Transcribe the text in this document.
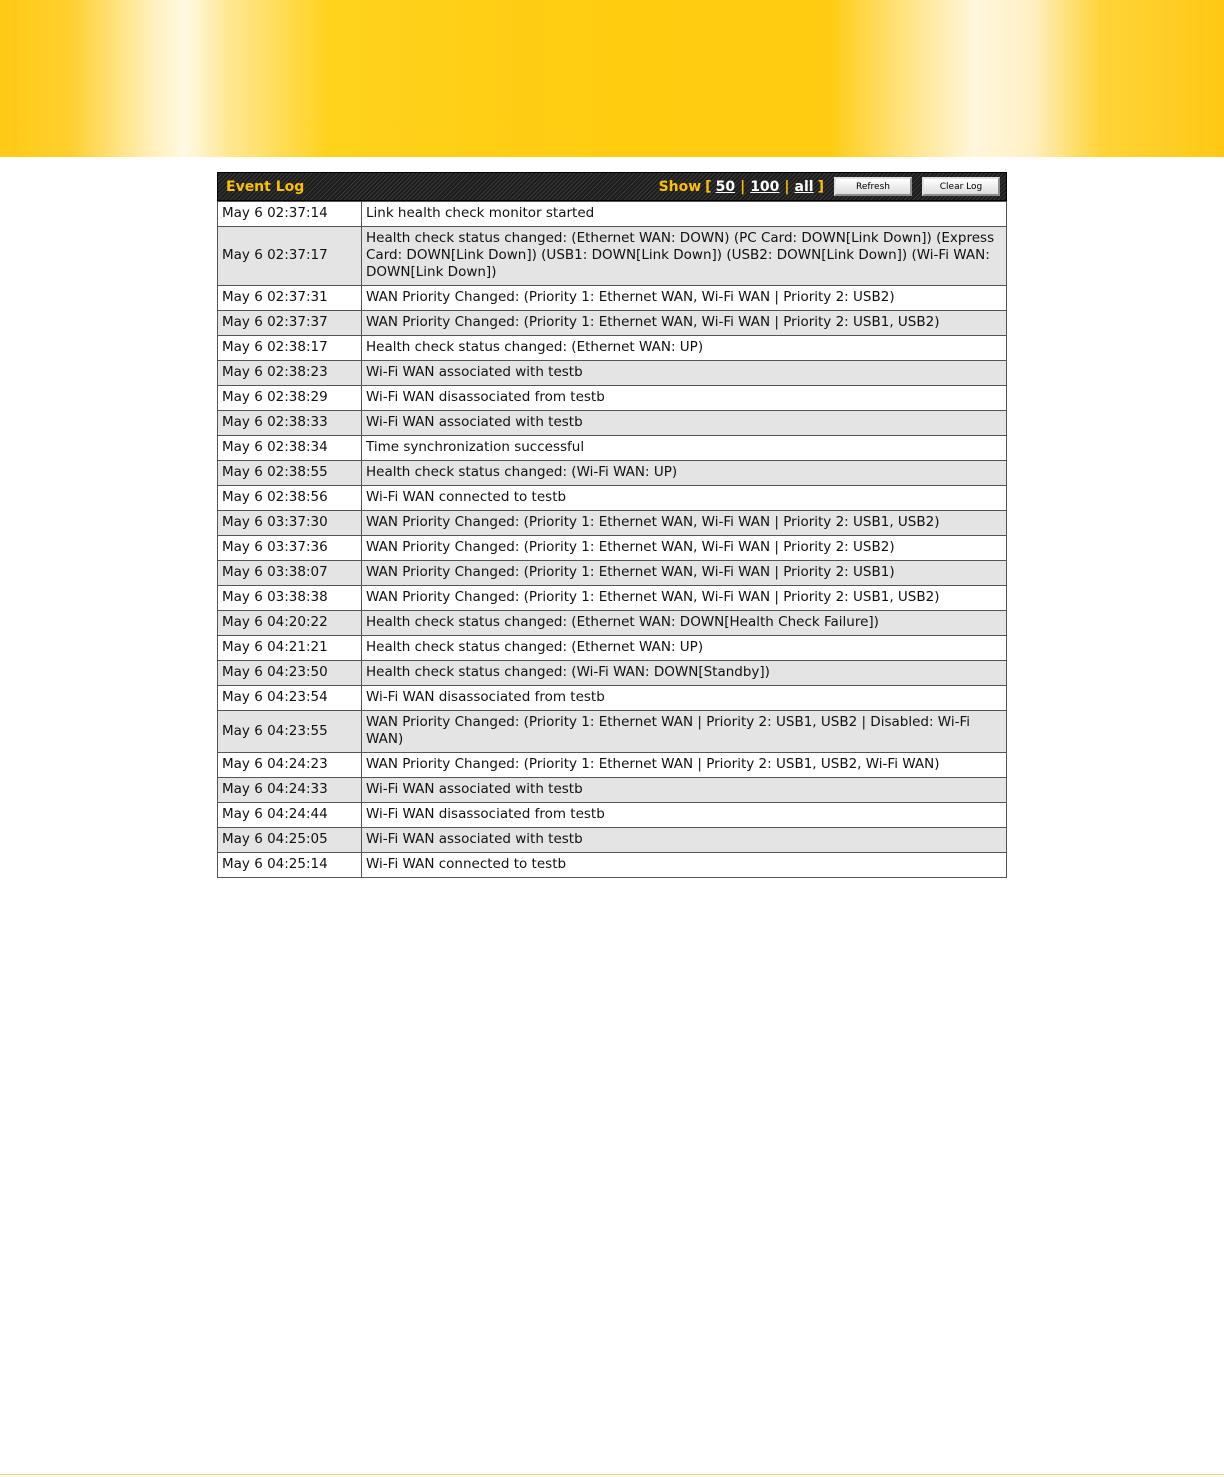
Event Log	Show [ 50 | 100 | all ]	Refresh	Clear Log
May 6 02:37:14	Link health check monitor started
May 6 02:37:17	Health check status changed: (Ethernet WAN: DOWN) (PC Card: DOWN[Link Down]) (Express Card: DOWN[Link Down]) (USB1: DOWN[Link Down]) (USB2: DOWN[Link Down]) (Wi-Fi WAN: DOWN[Link Down])
May 6 02:37:31	WAN Priority Changed: (Priority 1: Ethernet WAN, Wi-Fi WAN | Priority 2: USB2)
May 6 02:37:37	WAN Priority Changed: (Priority 1: Ethernet WAN, Wi-Fi WAN | Priority 2: USB1, USB2)
May 6 02:38:17	Health check status changed: (Ethernet WAN: UP)
May 6 02:38:23	Wi-Fi WAN associated with testb
May 6 02:38:29	Wi-Fi WAN disassociated from testb
May 6 02:38:33	Wi-Fi WAN associated with testb
May 6 02:38:34	Time synchronization successful
May 6 02:38:55	Health check status changed: (Wi-Fi WAN: UP)
May 6 02:38:56	Wi-Fi WAN connected to testb
May 6 03:37:30	WAN Priority Changed: (Priority 1: Ethernet WAN, Wi-Fi WAN | Priority 2: USB1, USB2)
May 6 03:37:36	WAN Priority Changed: (Priority 1: Ethernet WAN, Wi-Fi WAN | Priority 2: USB2)
May 6 03:38:07	WAN Priority Changed: (Priority 1: Ethernet WAN, Wi-Fi WAN | Priority 2: USB1)
May 6 03:38:38	WAN Priority Changed: (Priority 1: Ethernet WAN, Wi-Fi WAN | Priority 2: USB1, USB2)
May 6 04:20:22	Health check status changed: (Ethernet WAN: DOWN[Health Check Failure])
May 6 04:21:21	Health check status changed: (Ethernet WAN: UP)
May 6 04:23:50	Health check status changed: (Wi-Fi WAN: DOWN[Standby])
May 6 04:23:54	Wi-Fi WAN disassociated from testb
May 6 04:23:55	WAN Priority Changed: (Priority 1: Ethernet WAN | Priority 2: USB1, USB2 | Disabled: Wi-Fi WAN)
May 6 04:24:23	WAN Priority Changed: (Priority 1: Ethernet WAN | Priority 2: USB1, USB2, Wi-Fi WAN)
May 6 04:24:33	Wi-Fi WAN associated with testb
May 6 04:24:44	Wi-Fi WAN disassociated from testb
May 6 04:25:05	Wi-Fi WAN associated with testb
May 6 04:25:14	Wi-Fi WAN connected to testb
